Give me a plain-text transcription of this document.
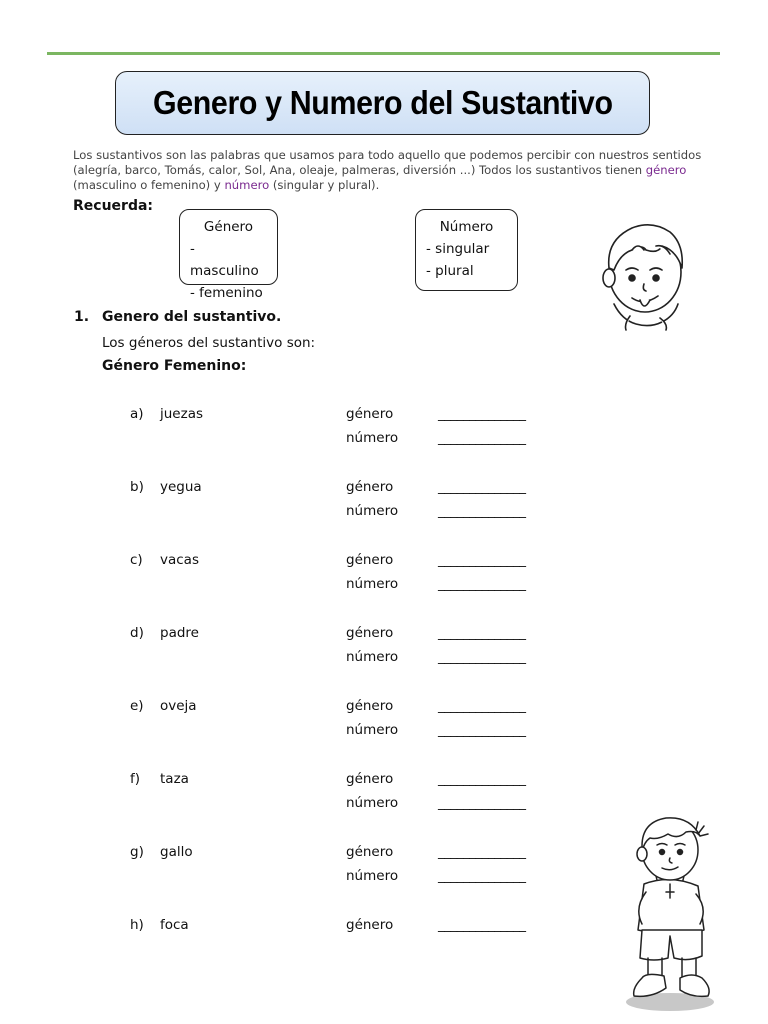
Genero y Numero del Sustantivo
Los sustantivos son las palabras que usamos para todo aquello que podemos percibir con nuestros sentidos (alegría, barco, Tomás, calor, Sol, Ana, oleaje, palmeras, diversión ...) Todos los sustantivos tienen género (masculino o femenino) y número (singular y plural).
Recuerda:
Género
- masculino
- femenino
Número
- singular
- plural
1. Genero del sustantivo.
Los géneros del sustantivo son:
Género Femenino:
a) juezas	género	______________
número	______________
b) yegua	género	______________
número	______________
c) vacas	género	______________
número	______________
d) padre	género	______________
número	______________
e) oveja	género	______________
número	______________
f) taza	género	______________
número	______________
g) gallo	género	______________
número	______________
h) foca	género	______________
